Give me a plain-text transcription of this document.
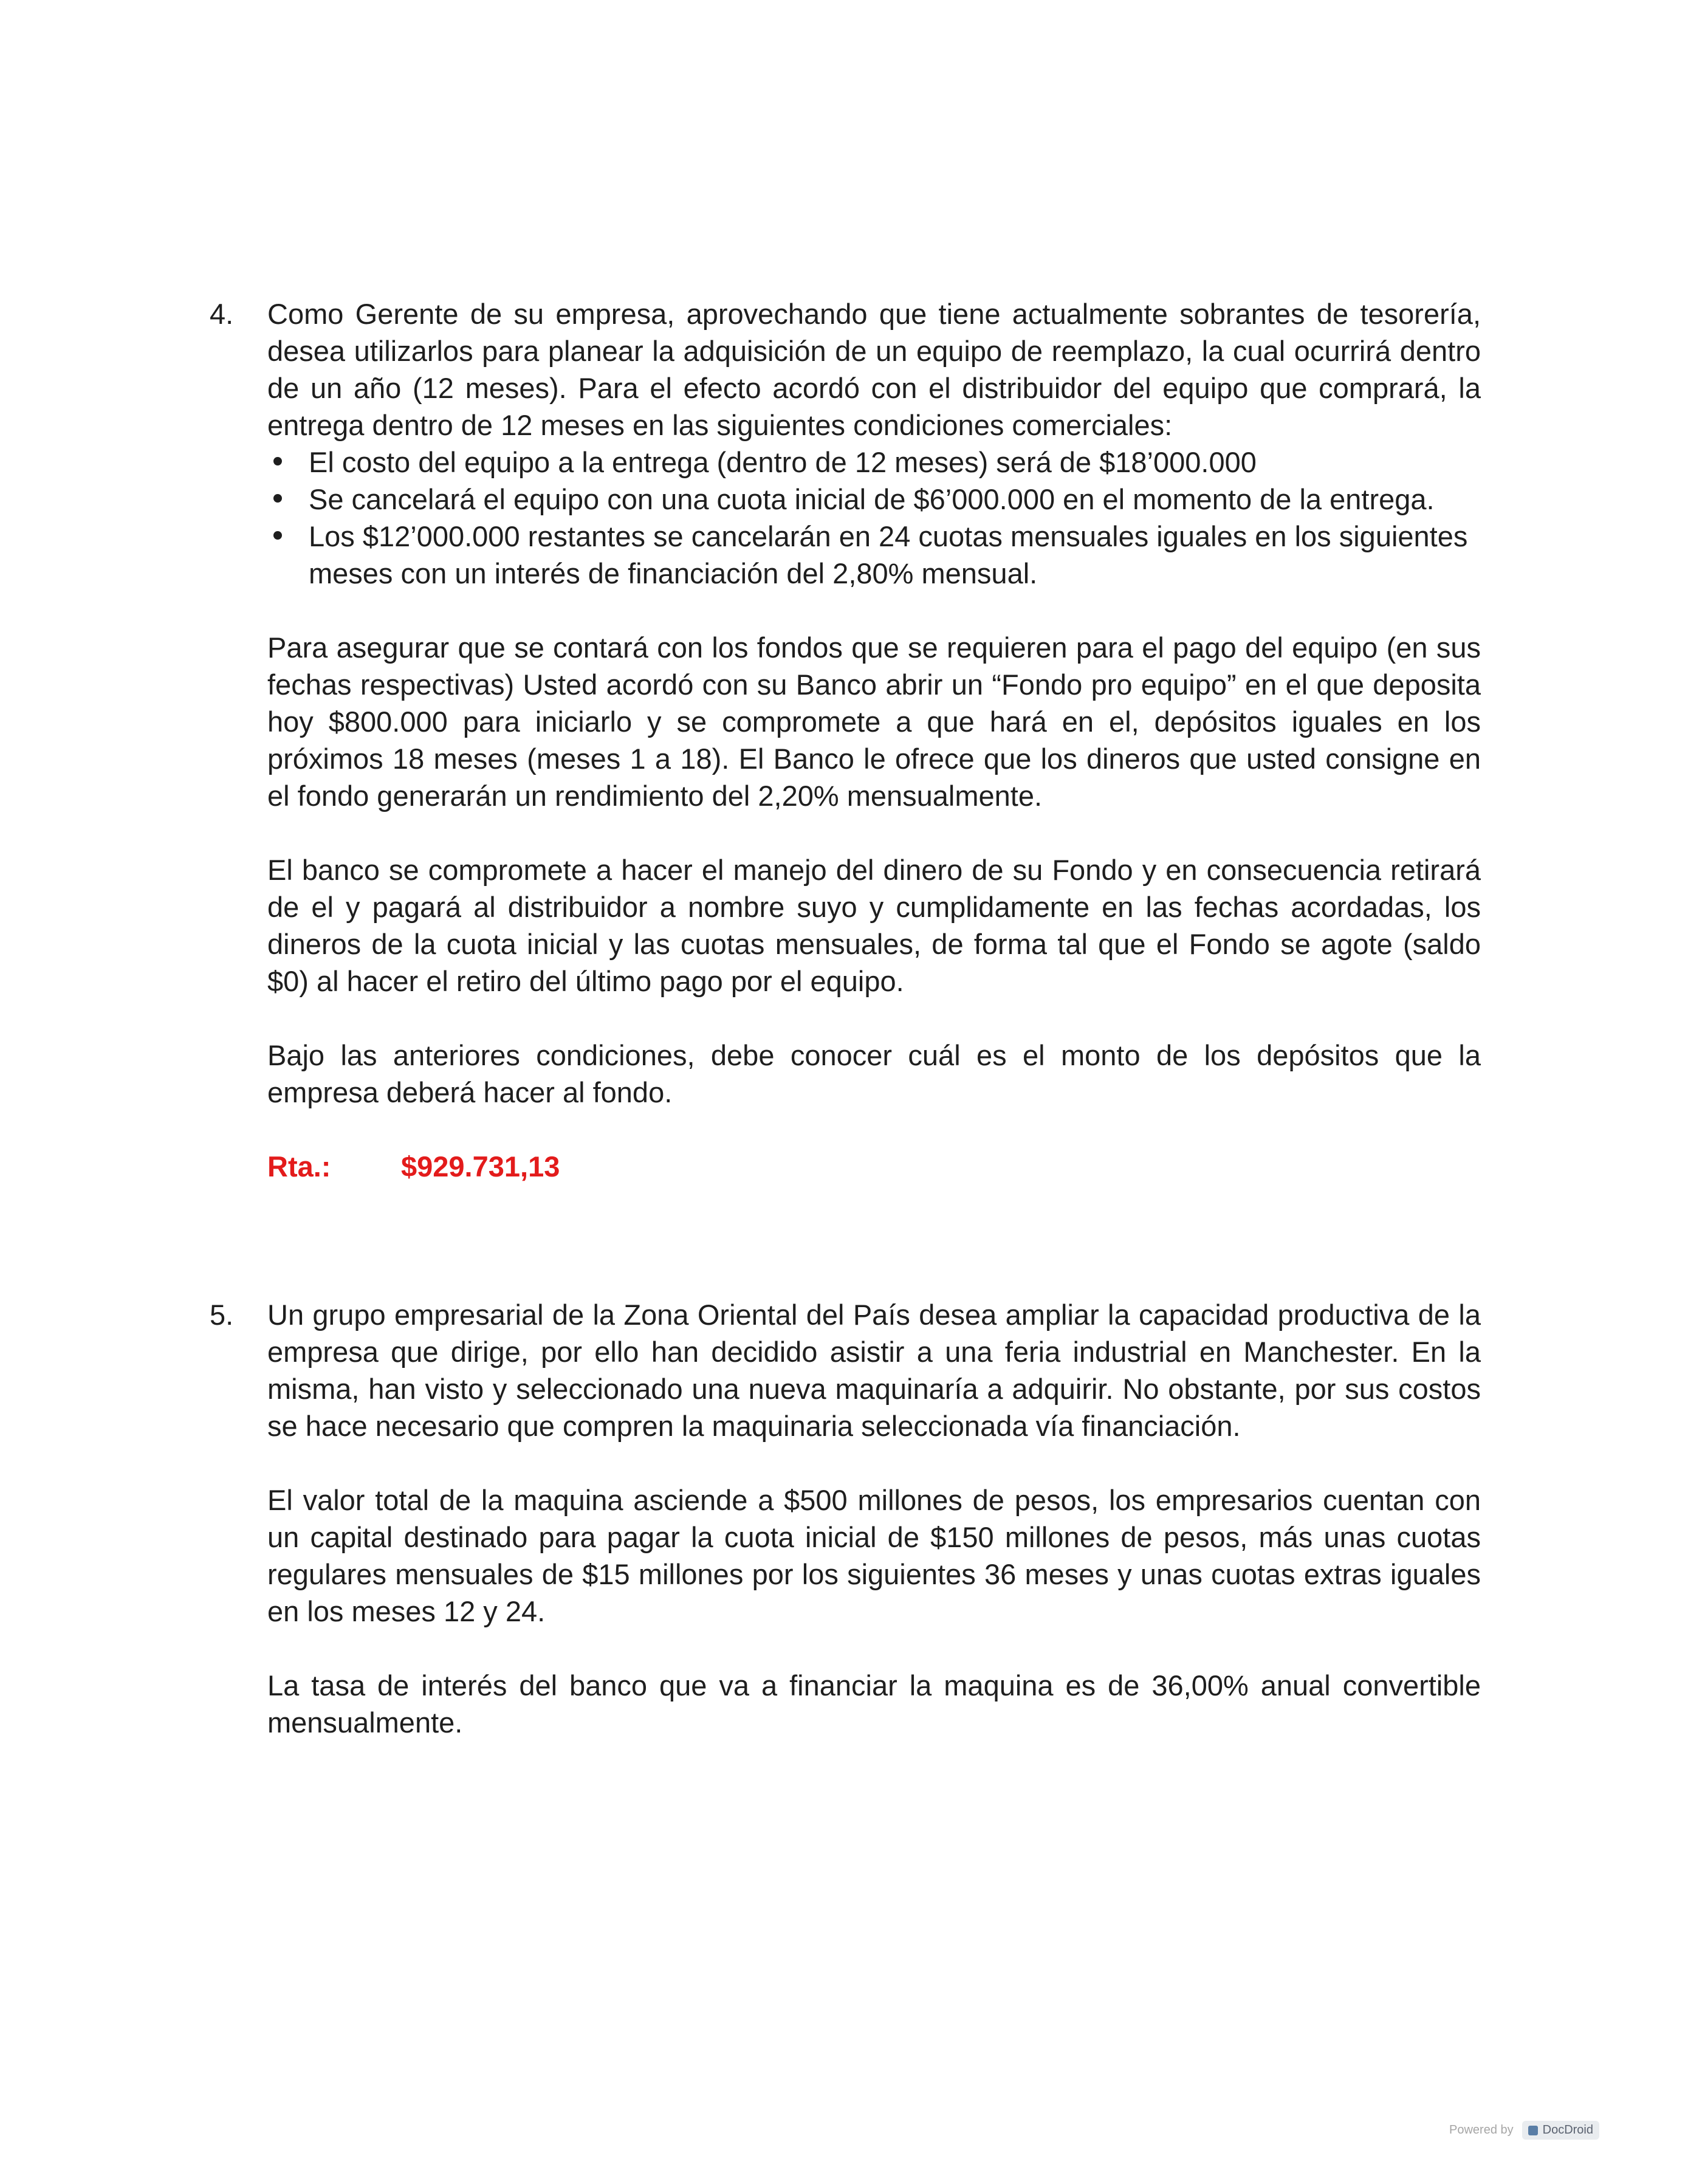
4. Como Gerente de su empresa, aprovechando que tiene actualmente sobrantes de tesorería, desea utilizarlos para planear la adquisición de un equipo de reemplazo, la cual ocurrirá dentro de un año (12 meses). Para el efecto acordó con el distribuidor del equipo que comprará, la entrega dentro de 12 meses en las siguientes condiciones comerciales:

El costo del equipo a la entrega (dentro de 12 meses) será de $18’000.000
Se cancelará el equipo con una cuota inicial de $6’000.000 en el momento de la entrega.
Los $12’000.000 restantes se cancelarán en 24 cuotas mensuales iguales en los siguientes meses con un interés de financiación del 2,80% mensual.

Para asegurar que se contará con los fondos que se requieren para el pago del equipo (en sus fechas respectivas) Usted acordó con su Banco abrir un “Fondo pro equipo” en el que deposita hoy $800.000 para iniciarlo y se compromete a que hará en el, depósitos iguales en los próximos 18 meses (meses 1 a 18). El Banco le ofrece que los dineros que usted consigne en el fondo generarán un rendimiento del 2,20% mensualmente.

El banco se compromete a hacer el manejo del dinero de su Fondo y en consecuencia retirará de el y pagará al distribuidor a nombre suyo y cumplidamente en las fechas acordadas, los dineros de la cuota inicial y las cuotas mensuales, de forma tal que el Fondo se agote (saldo $0) al hacer el retiro del último pago por el equipo.

Bajo las anteriores condiciones, debe conocer cuál es el monto de los depósitos que la empresa deberá hacer al fondo.

Rta.: $929.731,13
5. Un grupo empresarial de la Zona Oriental del País desea ampliar la capacidad productiva de la empresa que dirige, por ello han decidido asistir a una feria industrial en Manchester. En la misma, han visto y seleccionado una nueva maquinaría a adquirir. No obstante, por sus costos se hace necesario que compren la maquinaria seleccionada vía financiación.

El valor total de la maquina asciende a $500 millones de pesos, los empresarios cuentan con un capital destinado para pagar la cuota inicial de $150 millones de pesos, más unas cuotas regulares mensuales de $15 millones por los siguientes 36 meses y unas cuotas extras iguales en los meses 12 y 24.

La tasa de interés del banco que va a financiar la maquina es de 36,00% anual convertible mensualmente.

Powered by DocDroid
